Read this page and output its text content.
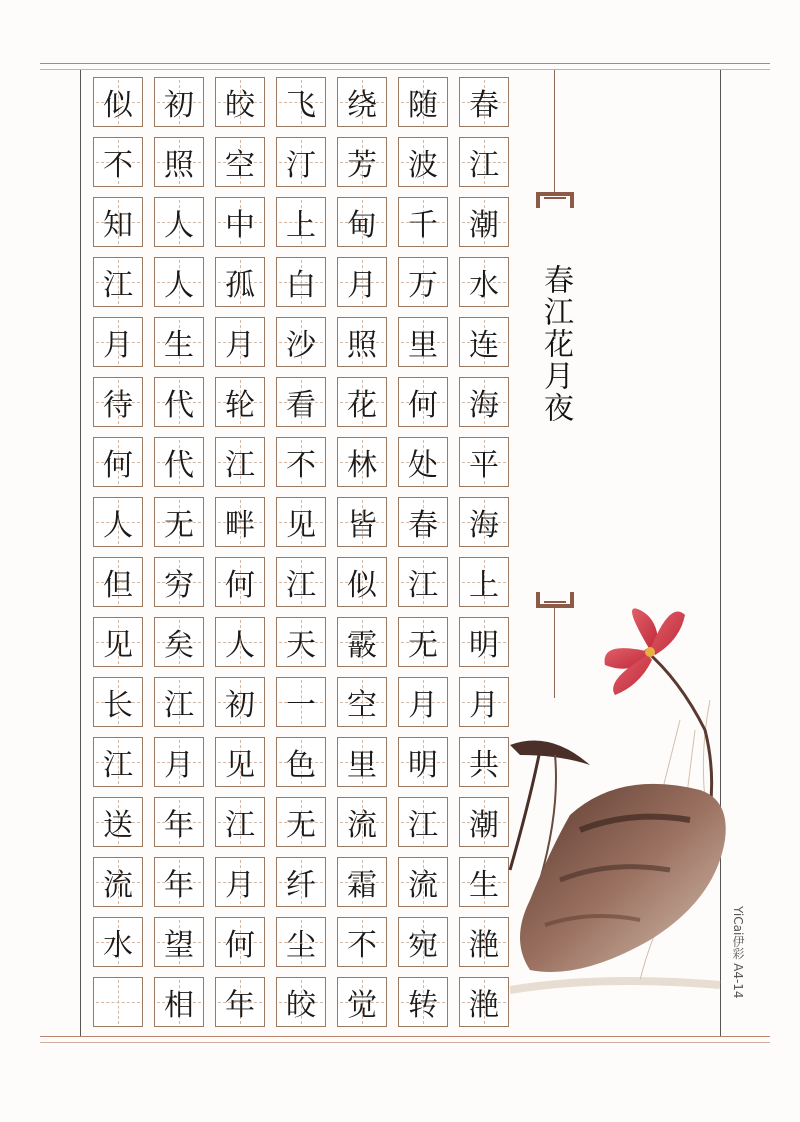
春
江
潮
水
连
海
平
海
上
明
月
共
潮
生
滟
滟
随
波
千
万
里
何
处
春
江
无
月
明
江
流
宛
转
绕
芳
甸
月
照
花
林
皆
似
霰
空
里
流
霜
不
觉
飞
汀
上
白
沙
看
不
见
江
天
一
色
无
纤
尘
皎
皎
空
中
孤
月
轮
江
畔
何
人
初
见
江
月
何
年
初
照
人
人
生
代
代
无
穷
矣
江
月
年
年
望
相
似
不
知
江
月
待
何
人
但
见
长
江
送
流
水
春江花月夜
YiCai伊彩 A4-14
